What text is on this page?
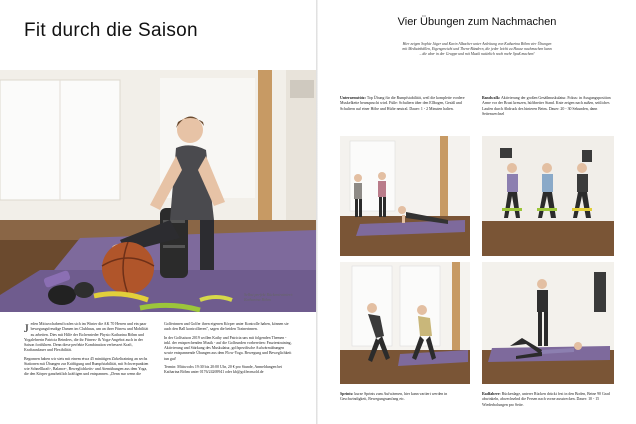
Fit durch die Saison
Selbst perfekt Rückentrainiert: Katharina Böhm

Jeden Mittwochabend trafen sich im Winter die AK 70 Herren und ein paar bewegungsfreudige Damen im Clubhaus, um an ihrer Fitness und Mobilität zu arbeiten. Dies mit Hilfe der Eichenrieder Physio Katharina Böhm und Yogalehrerin Patricia Reinders, die ihr Fitness- & Yoga-Angebot auch in der Saison fortführen. Denn diese perfekte Kombination verbessert Kraft, Kraftausdauer und Flexibilität.

Begonnen haben wir stets mit einem etwa 45 minütigen Zirkeltraining an sechs Stationen mit Übungen zur Kräftigung und Rumpfstabilität, mit Schwerpunkten wie Schnellkraft-, Balance-, Beweglichkeits- und Atemübungen aus dem Yoga, die den Körper ganzheitlich kräftigen und entspannen. „Denn nur wenn die

Golferinnen und Golfer ihren eigenen Körper unter Kontrolle haben, können sie auch den Ball kontrollieren", sagen die beiden Trainerinnen.

In der Golfsaison 2019 wollen Kathy und Patricia uns mit folgenden Themen - inkl. der entsprechenden Musik - auf die Golfrunden vorbereiten: Faszientraining, Aktivierung und Stärkung des Muskulatur, golfspezifische Aufwärmübungen sowie entspannende Übungen aus dem Flow-Yoga. Bewegung und Beweglichkeit tun gut!

Termin: Mittwochs 19:30 bis 20:00 Uhr, 20 € pro Stunde, Anmeldungen bei Katharina Böhm unter 0176/24269941 oder kb@golfeonsold.de

Vier Übungen zum Nachmachen
Hier zeigen Sophie Jäger und Karin Albacher unter Anleitung von Katharina Böhm vier Übungen mit Medizinbällen, Eigengewicht und Thera-Bändern, die jeder leicht zu Hause nachmachen kann – die aber in der Gruppe und mit Musik natürlich noch mehr Spaß machen!
Unterarmstütz: Top Übung für die Rumpfstabilität, weil die komplette vordere Muskelkette beansprucht wird. Füße: Schultern über den Ellbogen, Gesäß und Schultern auf einer Höhe und Hüfte neutral. Dauer: 1 - 2 Minuten halten.
Bandwalk: Aktivierung der großen Gesäßmuskulatur. Fokus: in Ausgangsposition Arme vor der Brust kreuzen, hüftbreiter Stand. Knie zeigen nach außen, seitliches Laufen durch Abdruck des hinteren Beins. Dauer: 20 - 30 Sekunden, dann Seitenwechsel
Sprints: kurze Sprints zum Aufwärmen, hier kann variiert werden in Geschwindigkeit, Bewegungsumfang etc.
Radfahrer: Rückenlage, unterer Rücken drückt fest in den Boden, Beine 90 Grad abwinkeln, abwechselnd die Fersen nach vorne ausstrecken. Dauer: 10 - 15 Wiederholungen pro Seite.
